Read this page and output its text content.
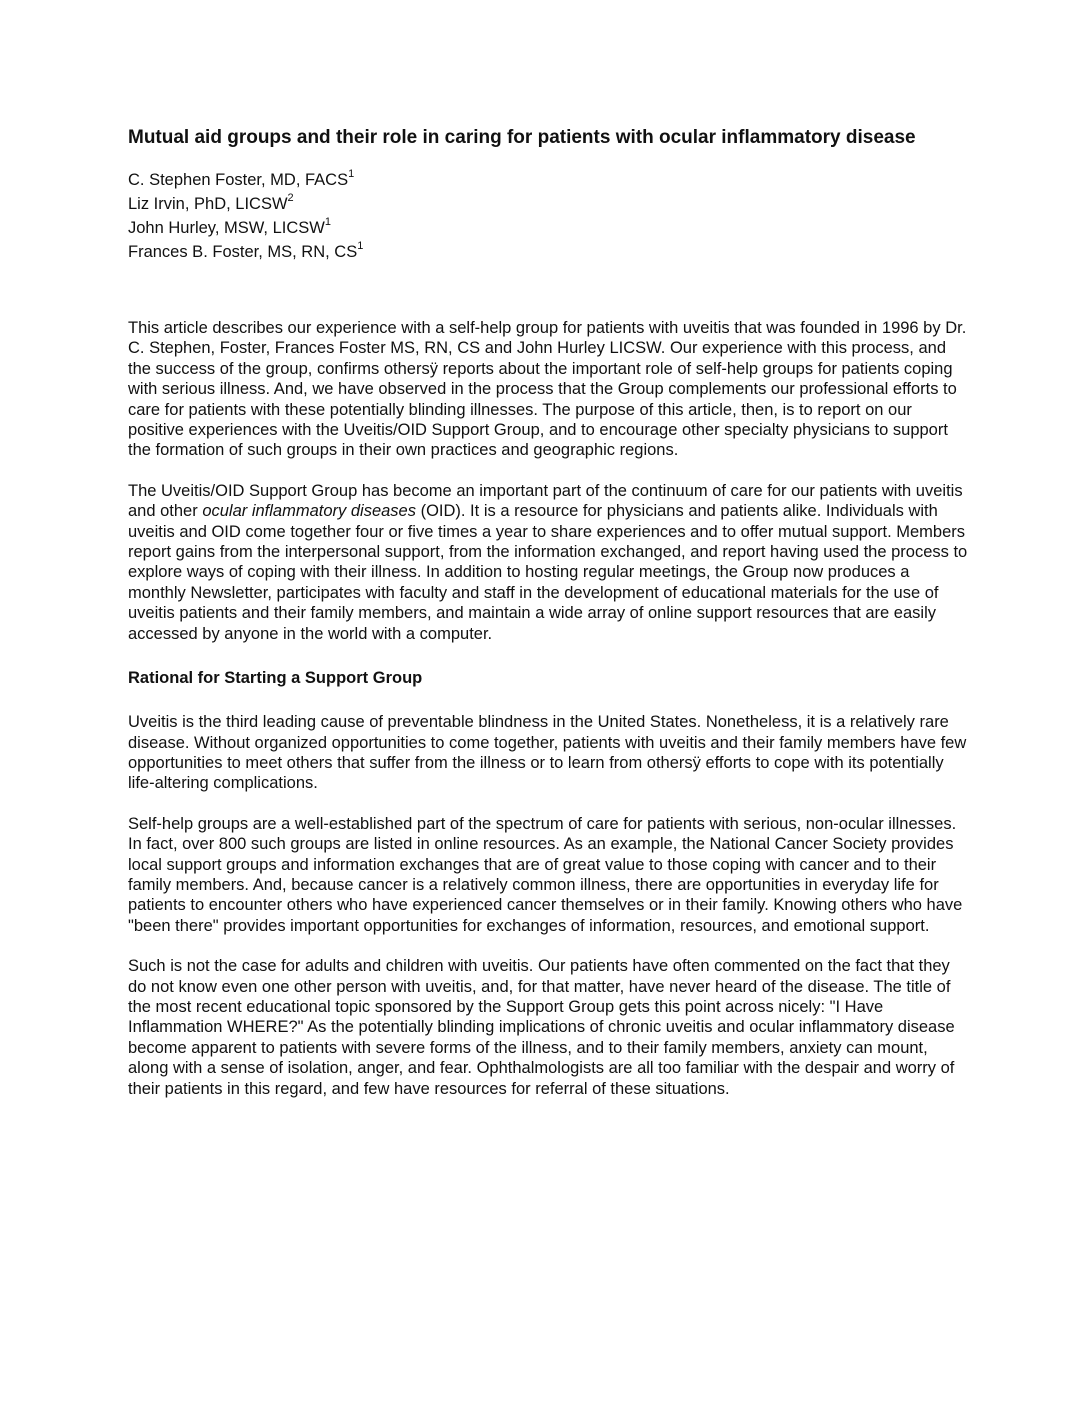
Mutual aid groups and their role in caring for patients with ocular inflammatory disease
C. Stephen Foster, MD, FACS$^1$
Liz Irvin, PhD, LICSW$^2$
John Hurley, MSW, LICSW$^1$
Frances B. Foster, MS, RN, $CS^1$

This article describes our experience with a self-help group for patients with uveitis that was founded in 1996 by Dr. C. Stephen, Foster, Frances Foster MS, RN, CS and John Hurley LICSW. Our experience with this process, and the success of the group, confirms othersÿ reports about the important role of self-help groups for patients coping with serious illness. And, we have observed in the process that the Group complements our professional efforts to care for patients with these potentially blinding illnesses. The purpose of this article, then, is to report on our positive experiences with the Uveitis/OID Support Group, and to encourage other specialty physicians to support the formation of such groups in their own practices and geographic regions.

The Uveitis/OID Support Group has become an important part of the continuum of care for our patients with uveitis and other ocular inflammatory diseases (OID). It is a resource for physicians and patients alike. Individuals with uveitis and OID come together four or five times a year to share experiences and to offer mutual support. Members report gains from the interpersonal support, from the information exchanged, and report having used the process to explore ways of coping with their illness. In addition to hosting regular meetings, the Group now produces a monthly Newsletter, participates with faculty and staff in the development of educational materials for the use of uveitis patients and their family members, and maintain a wide array of online support resources that are easily accessed by anyone in the world with a computer.

Rational for Starting a Support Group

Uveitis is the third leading cause of preventable blindness in the United States. Nonetheless, it is a relatively rare disease. Without organized opportunities to come together, patients with uveitis and their family members have few opportunities to meet others that suffer from the illness or to learn from othersÿ efforts to cope with its potentially life-altering complications.

Self-help groups are a well-established part of the spectrum of care for patients with serious, non-ocular illnesses. In fact, over 800 such groups are listed in online resources. As an example, the National Cancer Society provides local support groups and information exchanges that are of great value to those coping with cancer and to their family members. And, because cancer is a relatively common illness, there are opportunities in everyday life for patients to encounter others who have experienced cancer themselves or in their family. Knowing others who have "been there" provides important opportunities for exchanges of information, resources, and emotional support.

Such is not the case for adults and children with uveitis. Our patients have often commented on the fact that they do not know even one other person with uveitis, and, for that matter, have never heard of the disease. The title of the most recent educational topic sponsored by the Support Group gets this point across nicely: "I Have Inflammation WHERE?" As the potentially blinding implications of chronic uveitis and ocular inflammatory disease become apparent to patients with severe forms of the illness, and to their family members, anxiety can mount, along with a sense of isolation, anger, and fear. Ophthalmologists are all too familiar with the despair and worry of their patients in this regard, and few have resources for referral of these situations.
